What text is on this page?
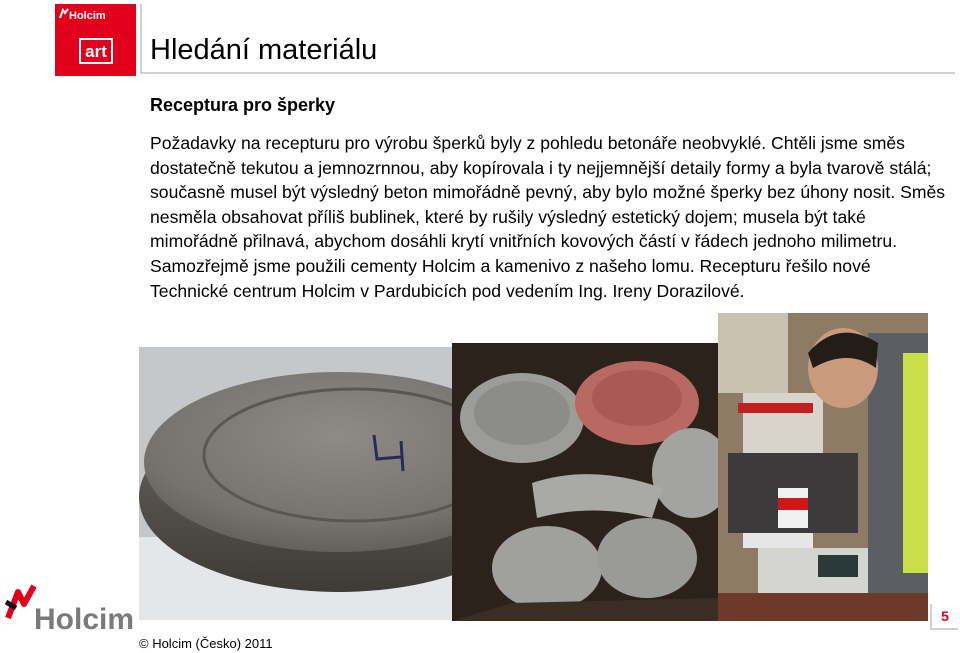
Holcim
art Hledání materiálu
Receptura pro šperky
Požadavky na recepturu pro výrobu šperků byly z pohledu betonáře neobvyklé. Chtěli jsme směs dostatečně tekutou a jemnozrnnou, aby kopírovala i ty nejjemnější detaily formy a byla tvarově stálá; současně musel být výsledný beton mimořádně pevný, aby bylo možné šperky bez úhony nosit. Směs nesměla obsahovat příliš bublinek, které by rušily výsledný estetický dojem; musela být také mimořádně přilnavá, abychom dosáhli krytí vnitřních kovových částí v řádech jednoho milimetru. Samozřejmě jsme použili cementy Holcim a kamenivo z našeho lomu. Recepturu řešilo nové Technické centrum Holcim v Pardubicích pod vedením Ing. Ireny Dorazilové.
Holcim
© Holcim (Česko) 2011
5
